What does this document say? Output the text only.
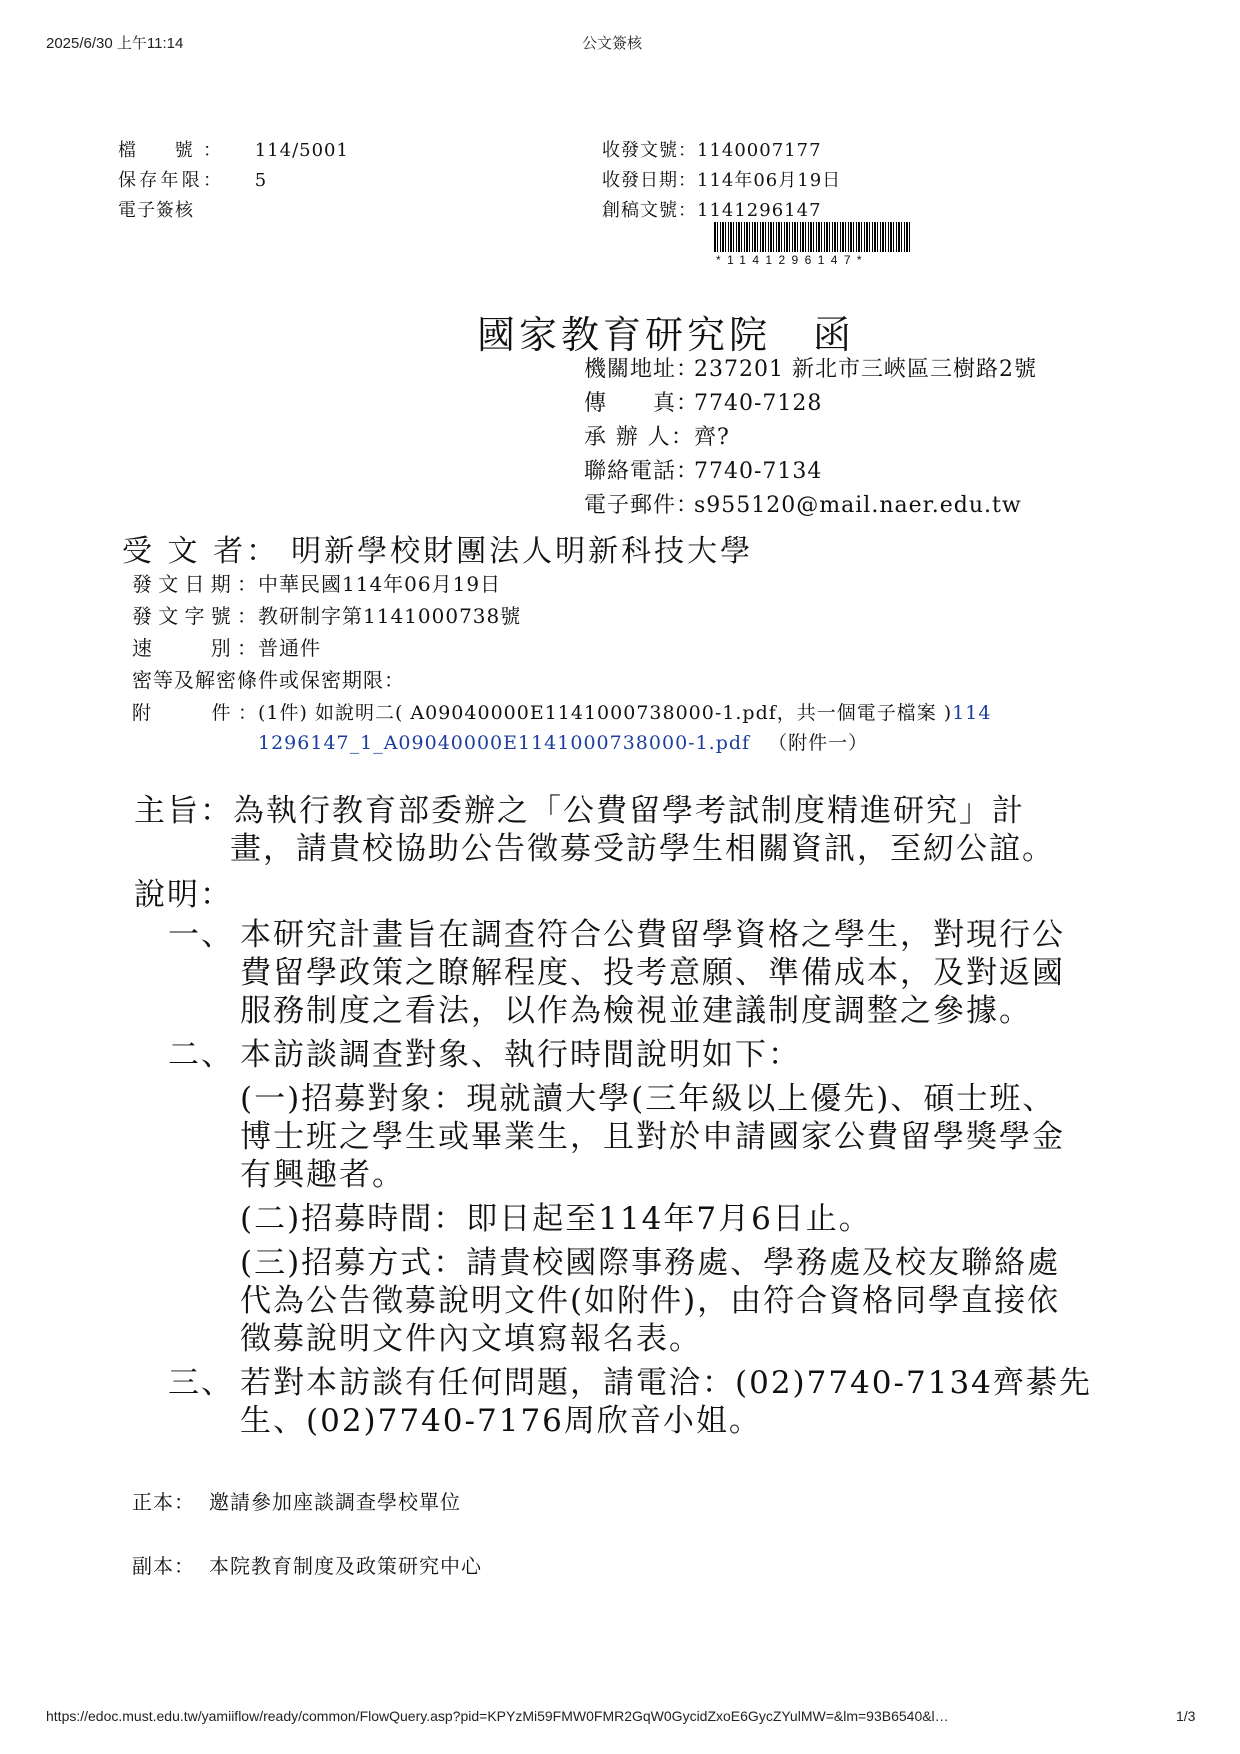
2025/6/30 上午11:14	公文簽核
檔　號： 114/5001
保存年限： 5
電子簽核
收發文號：1140007177
收發日期：114年06月19日
創稿文號：1141296147
*1141296147*
國家教育研究院　函
機關地址：237201 新北市三峽區三樹路2號
傳　　真：7740-7128
承 辦 人：齊?
聯絡電話：7740-7134
電子郵件：s955120@mail.naer.edu.tw
受 文 者： 明新學校財團法人明新科技大學
發文日期：中華民國114年06月19日
發文字號：教研制字第1141000738號
速　　別：普通件
密等及解密條件或保密期限：
附　　件：(1件) 如說明二( A09040000E1141000738000-1.pdf，共一個電子檔案 )114
1296147_1_A09040000E1141000738000-1.pdf （附件一）
主旨：為執行教育部委辦之「公費留學考試制度精進研究」計
畫，請貴校協助公告徵募受訪學生相關資訊，至紉公誼。
說明：
一、 本研究計畫旨在調查符合公費留學資格之學生，對現行公
費留學政策之瞭解程度、投考意願、準備成本，及對返國
服務制度之看法，以作為檢視並建議制度調整之參據。
二、 本訪談調查對象、執行時間說明如下：
(一)招募對象：現就讀大學(三年級以上優先)、碩士班、
博士班之學生或畢業生，且對於申請國家公費留學獎學金
有興趣者。
(二)招募時間：即日起至114年7月6日止。
(三)招募方式：請貴校國際事務處、學務處及校友聯絡處
代為公告徵募說明文件(如附件)，由符合資格同學直接依
徵募說明文件內文填寫報名表。
三、 若對本訪談有任何問題，請電洽：(02)7740-7134齊綦先
生、(02)7740-7176周欣音小姐。
正本： 邀請參加座談調查學校單位
副本： 本院教育制度及政策研究中心
https://edoc.must.edu.tw/yamiiflow/ready/common/FlowQuery.asp?pid=KPYzMi59FMW0FMR2GqW0GycidZxoE6GycZYulMW=&lm=93B6540&l…	1/3
